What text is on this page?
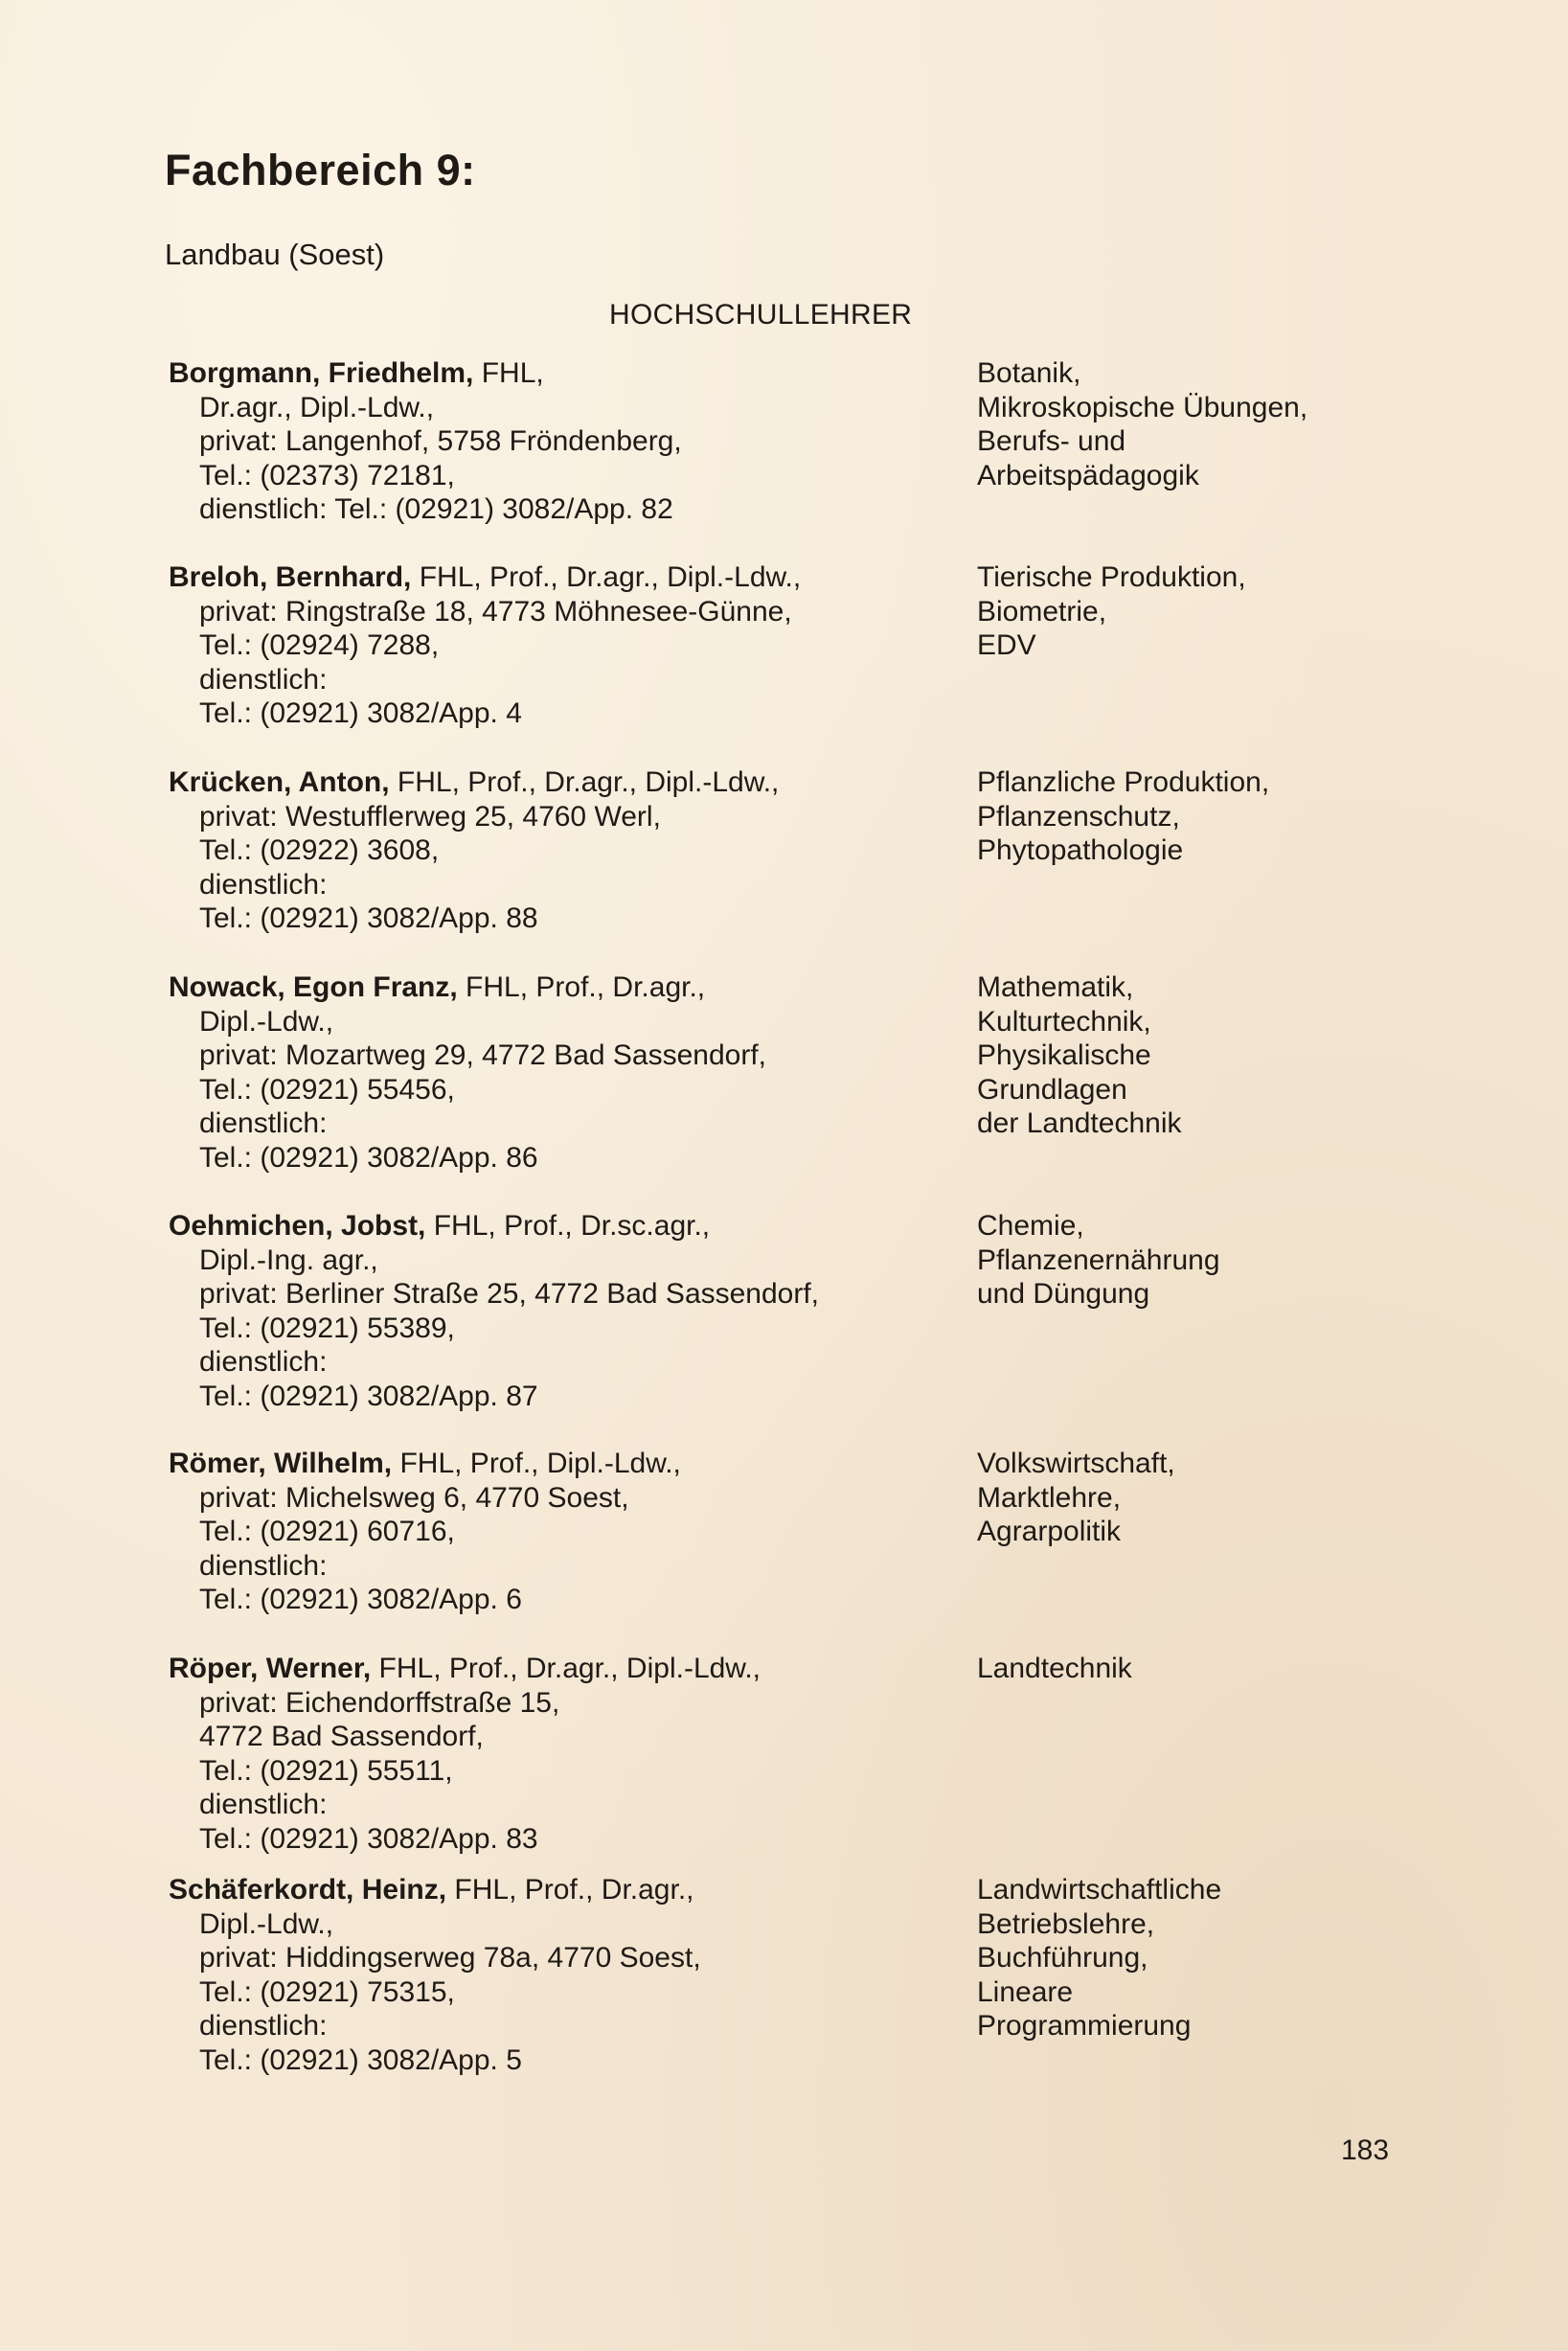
Fachbereich 9:

Landbau (Soest)

HOCHSCHULLEHRER

Borgmann, Friedhelm, FHL,
Dr.agr., Dipl.-Ldw.,
privat: Langenhof, 5758 Fröndenberg,
Tel.: (02373) 72181,
dienstlich: Tel.: (02921) 3082/App. 82
Botanik,
Mikroskopische Übungen,
Berufs- und
Arbeitspädagogik
Breloh, Bernhard, FHL, Prof., Dr.agr., Dipl.-Ldw.,
privat: Ringstraße 18, 4773 Möhnesee-Günne,
Tel.: (02924) 7288,
dienstlich:
Tel.: (02921) 3082/App. 4
Tierische Produktion,
Biometrie,
EDV
Krücken, Anton, FHL, Prof., Dr.agr., Dipl.-Ldw.,
privat: Westufflerweg 25, 4760 Werl,
Tel.: (02922) 3608,
dienstlich:
Tel.: (02921) 3082/App. 88
Pflanzliche Produktion,
Pflanzenschutz,
Phytopathologie
Nowack, Egon Franz, FHL, Prof., Dr.agr.,
Dipl.-Ldw.,
privat: Mozartweg 29, 4772 Bad Sassendorf,
Tel.: (02921) 55456,
dienstlich:
Tel.: (02921) 3082/App. 86
Mathematik,
Kulturtechnik,
Physikalische
Grundlagen
der Landtechnik
Oehmichen, Jobst, FHL, Prof., Dr.sc.agr.,
Dipl.-Ing. agr.,
privat: Berliner Straße 25, 4772 Bad Sassendorf,
Tel.: (02921) 55389,
dienstlich:
Tel.: (02921) 3082/App. 87
Chemie,
Pflanzenernährung
und Düngung
Römer, Wilhelm, FHL, Prof., Dipl.-Ldw.,
privat: Michelsweg 6, 4770 Soest,
Tel.: (02921) 60716,
dienstlich:
Tel.: (02921) 3082/App. 6
Volkswirtschaft,
Marktlehre,
Agrarpolitik
Röper, Werner, FHL, Prof., Dr.agr., Dipl.-Ldw.,
privat: Eichendorffstraße 15,
4772 Bad Sassendorf,
Tel.: (02921) 55511,
dienstlich:
Tel.: (02921) 3082/App. 83
Landtechnik
Schäferkordt, Heinz, FHL, Prof., Dr.agr.,
Dipl.-Ldw.,
privat: Hiddingserweg 78a, 4770 Soest,
Tel.: (02921) 75315,
dienstlich:
Tel.: (02921) 3082/App. 5
Landwirtschaftliche
Betriebslehre,
Buchführung,
Lineare
Programmierung

183
